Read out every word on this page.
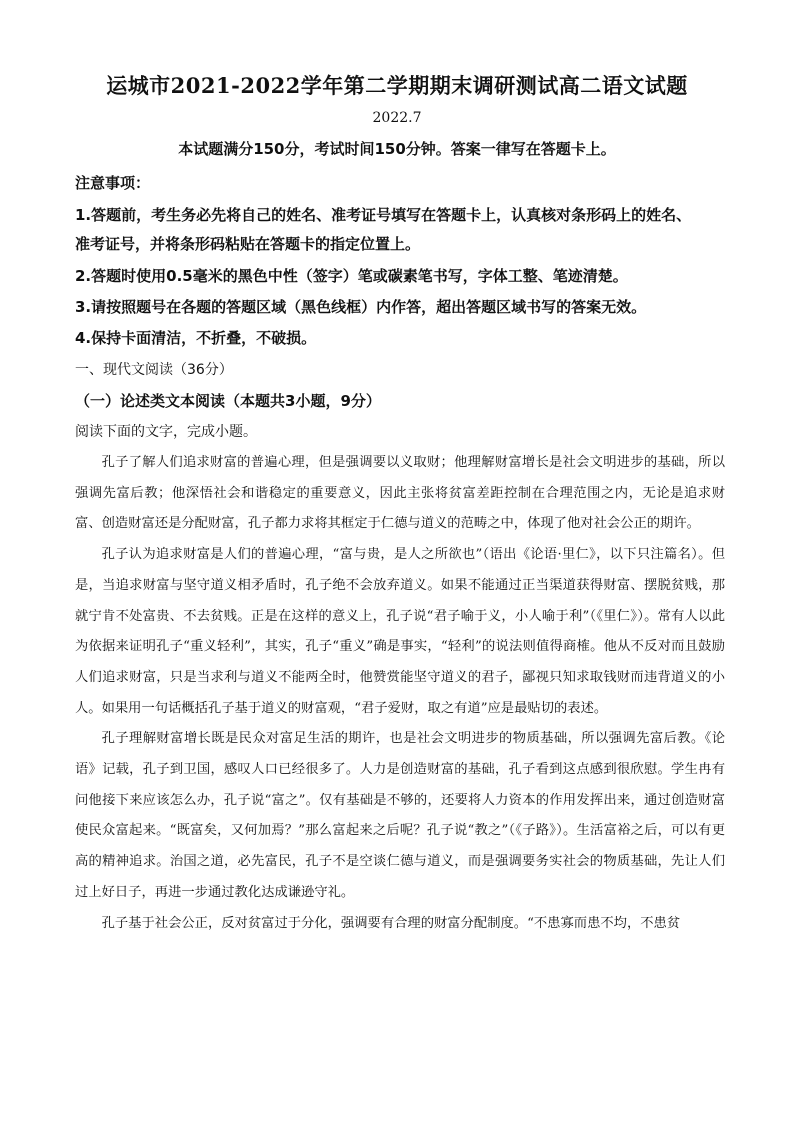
运城市2021-2022学年第二学期期末调研测试高二语文试题
2022.7
本试题满分150分，考试时间150分钟。答案一律写在答题卡上。
注意事项：
1.答题前，考生务必先将自己的姓名、准考证号填写在答题卡上，认真核对条形码上的姓名、
准考证号，并将条形码粘贴在答题卡的指定位置上。
2.答题时使用0.5毫米的黑色中性（签字）笔或碳素笔书写，字体工整、笔迹清楚。
3.请按照题号在各题的答题区域（黑色线框）内作答，超出答题区域书写的答案无效。
4.保持卡面清洁，不折叠，不破损。
一、现代文阅读（36分）
（一）论述类文本阅读（本题共3小题，9分）
阅读下面的文字，完成小题。

孔子了解人们追求财富的普遍心理，但是强调要以义取财；他理解财富增长是社会文明进步的基础，所以强调先富后教；他深悟社会和谐稳定的重要意义，因此主张将贫富差距控制在合理范围之内，无论是追求财富、创造财富还是分配财富，孔子都力求将其框定于仁德与道义的范畴之中，体现了他对社会公正的期许。

孔子认为追求财富是人们的普遍心理，“富与贵，是人之所欲也”（语出《论语·里仁》，以下只注篇名）。但是，当追求财富与坚守道义相矛盾时，孔子绝不会放弃道义。如果不能通过正当渠道获得财富、摆脱贫贱，那就宁肯不处富贵、不去贫贱。正是在这样的意义上，孔子说“君子喻于义，小人喻于利”（《里仁》）。常有人以此为依据来证明孔子“重义轻利”，其实，孔子“重义”确是事实，“轻利”的说法则值得商榷。他从不反对而且鼓励人们追求财富，只是当求利与道义不能两全时，他赞赏能坚守道义的君子，鄙视只知求取钱财而违背道义的小人。如果用一句话概括孔子基于道义的财富观，“君子爱财，取之有道”应是最贴切的表述。

孔子理解财富增长既是民众对富足生活的期许，也是社会文明进步的物质基础，所以强调先富后教。《论语》记载，孔子到卫国，感叹人口已经很多了。人力是创造财富的基础，孔子看到这点感到很欣慰。学生冉有问他接下来应该怎么办，孔子说“富之”。仅有基础是不够的，还要将人力资本的作用发挥出来，通过创造财富使民众富起来。“既富矣，又何加焉？”那么富起来之后呢？孔子说“教之”（《子路》）。生活富裕之后，可以有更高的精神追求。治国之道，必先富民，孔子不是空谈仁德与道义，而是强调要务实社会的物质基础，先让人们过上好日子，再进一步通过教化达成谦逊守礼。

孔子基于社会公正，反对贫富过于分化，强调要有合理的财富分配制度。“不患寡而患不均，不患贫
